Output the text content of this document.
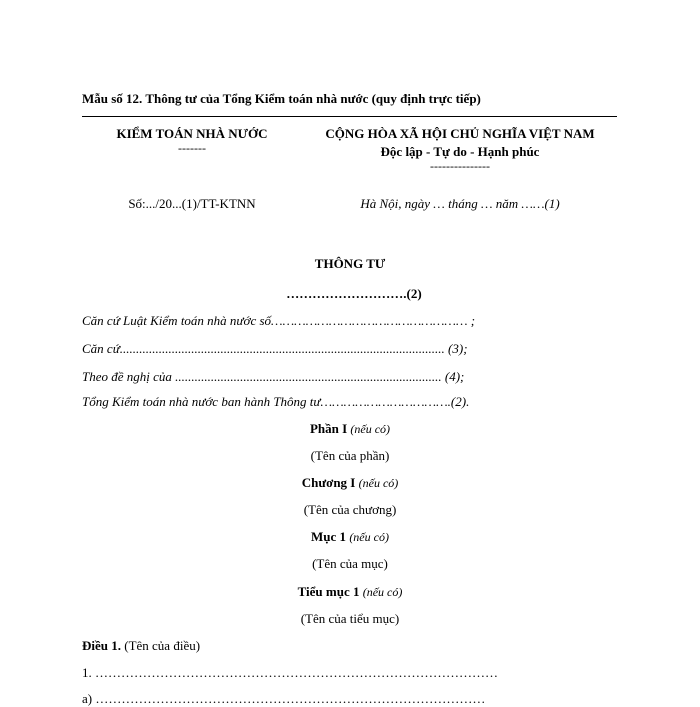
Mẫu số 12. Thông tư của Tổng Kiểm toán nhà nước (quy định trực tiếp)
KIỂM TOÁN NHÀ NƯỚC
-------
Số:.../20...(1)/TT-KTNN
CỘNG HÒA XÃ HỘI CHỦ NGHĨA VIỆT NAM
Độc lập - Tự do - Hạnh phúc
---------------
Hà Nội, ngày … tháng … năm ……(1)
THÔNG TƯ
……………………….(2)
Căn cứ Luật Kiểm toán nhà nước số…………………………………………… ;
Căn cứ.................................................................................................... (3);
Theo đề nghị của .................................................................................. (4);
Tổng Kiểm toán nhà nước ban hành Thông tư…………………………….(2).
Phần I (nếu có)
(Tên của phần)
Chương I (nếu có)
(Tên của chương)
Mục 1 (nếu có)
(Tên của mục)
Tiểu mục 1 (nếu có)
(Tên của tiểu mục)
Điều 1. (Tên của điều)
1. …………………………………………………………………………………
a) ………………………………………………………………………………
